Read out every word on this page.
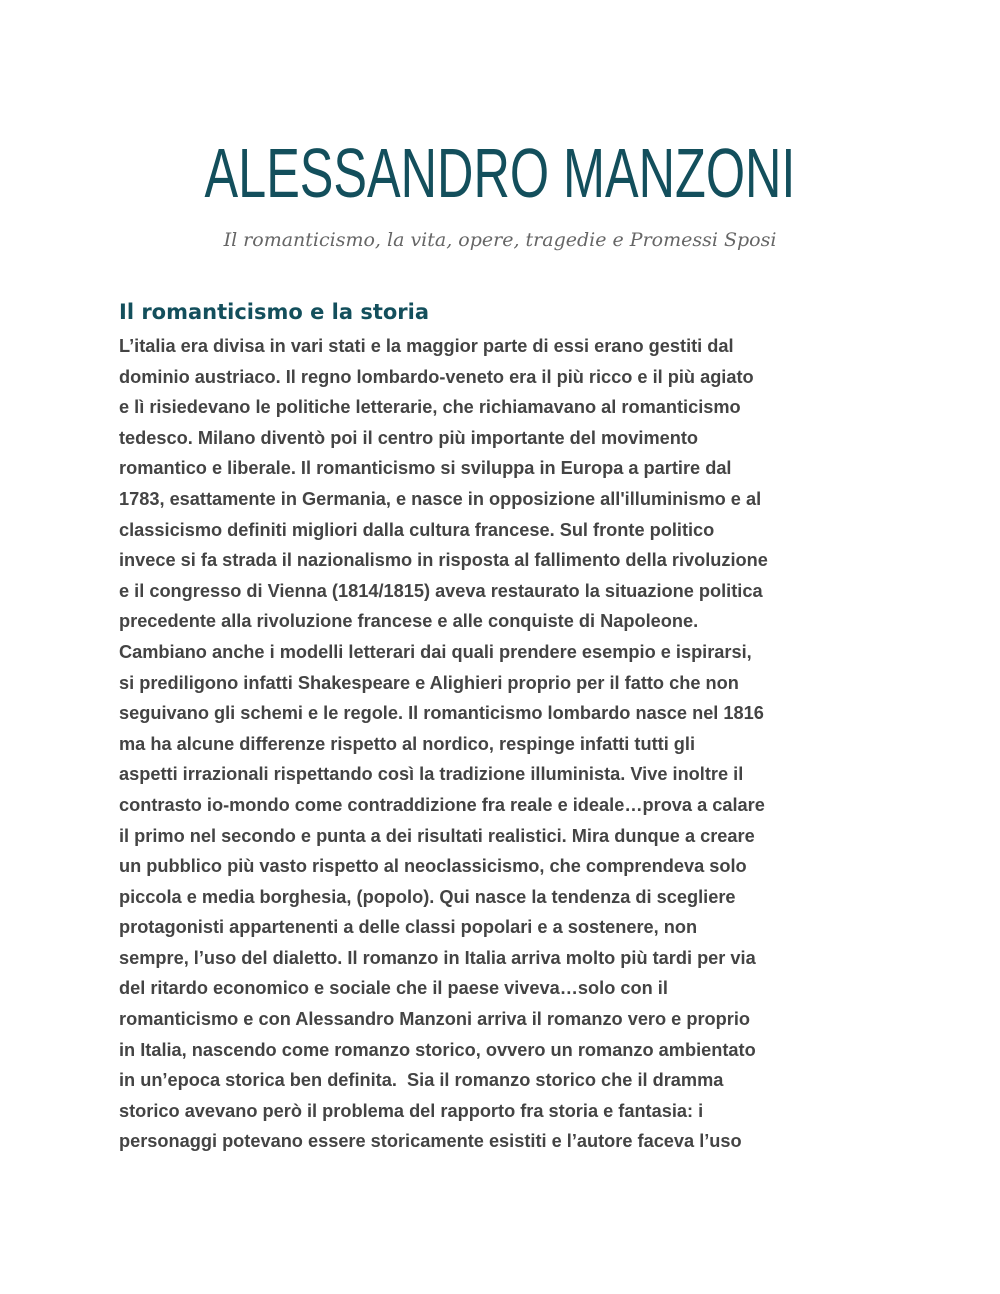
ALESSANDRO MANZONI

Il romanticismo, la vita, opere, tragedie e Promessi Sposi

Il romanticismo e la storia
L’italia era divisa in vari stati e la maggior parte di essi erano gestiti dal
dominio austriaco. Il regno lombardo-veneto era il più ricco e il più agiato
e lì risiedevano le politiche letterarie, che richiamavano al romanticismo
tedesco. Milano diventò poi il centro più importante del movimento
romantico e liberale. Il romanticismo si sviluppa in Europa a partire dal
1783, esattamente in Germania, e nasce in opposizione all'illuminismo e al
classicismo definiti migliori dalla cultura francese. Sul fronte politico
invece si fa strada il nazionalismo in risposta al fallimento della rivoluzione
e il congresso di Vienna (1814/1815) aveva restaurato la situazione politica
precedente alla rivoluzione francese e alle conquiste di Napoleone.
Cambiano anche i modelli letterari dai quali prendere esempio e ispirarsi,
si prediligono infatti Shakespeare e Alighieri proprio per il fatto che non
seguivano gli schemi e le regole. Il romanticismo lombardo nasce nel 1816
ma ha alcune differenze rispetto al nordico, respinge infatti tutti gli
aspetti irrazionali rispettando così la tradizione illuminista. Vive inoltre il
contrasto io-mondo come contraddizione fra reale e ideale…prova a calare
il primo nel secondo e punta a dei risultati realistici. Mira dunque a creare
un pubblico più vasto rispetto al neoclassicismo, che comprendeva solo
piccola e media borghesia, (popolo). Qui nasce la tendenza di scegliere
protagonisti appartenenti a delle classi popolari e a sostenere, non
sempre, l’uso del dialetto. Il romanzo in Italia arriva molto più tardi per via
del ritardo economico e sociale che il paese viveva…solo con il
romanticismo e con Alessandro Manzoni arriva il romanzo vero e proprio
in Italia, nascendo come romanzo storico, ovvero un romanzo ambientato
in un’epoca storica ben definita.  Sia il romanzo storico che il dramma
storico avevano però il problema del rapporto fra storia e fantasia: i
personaggi potevano essere storicamente esistiti e l’autore faceva l’uso
